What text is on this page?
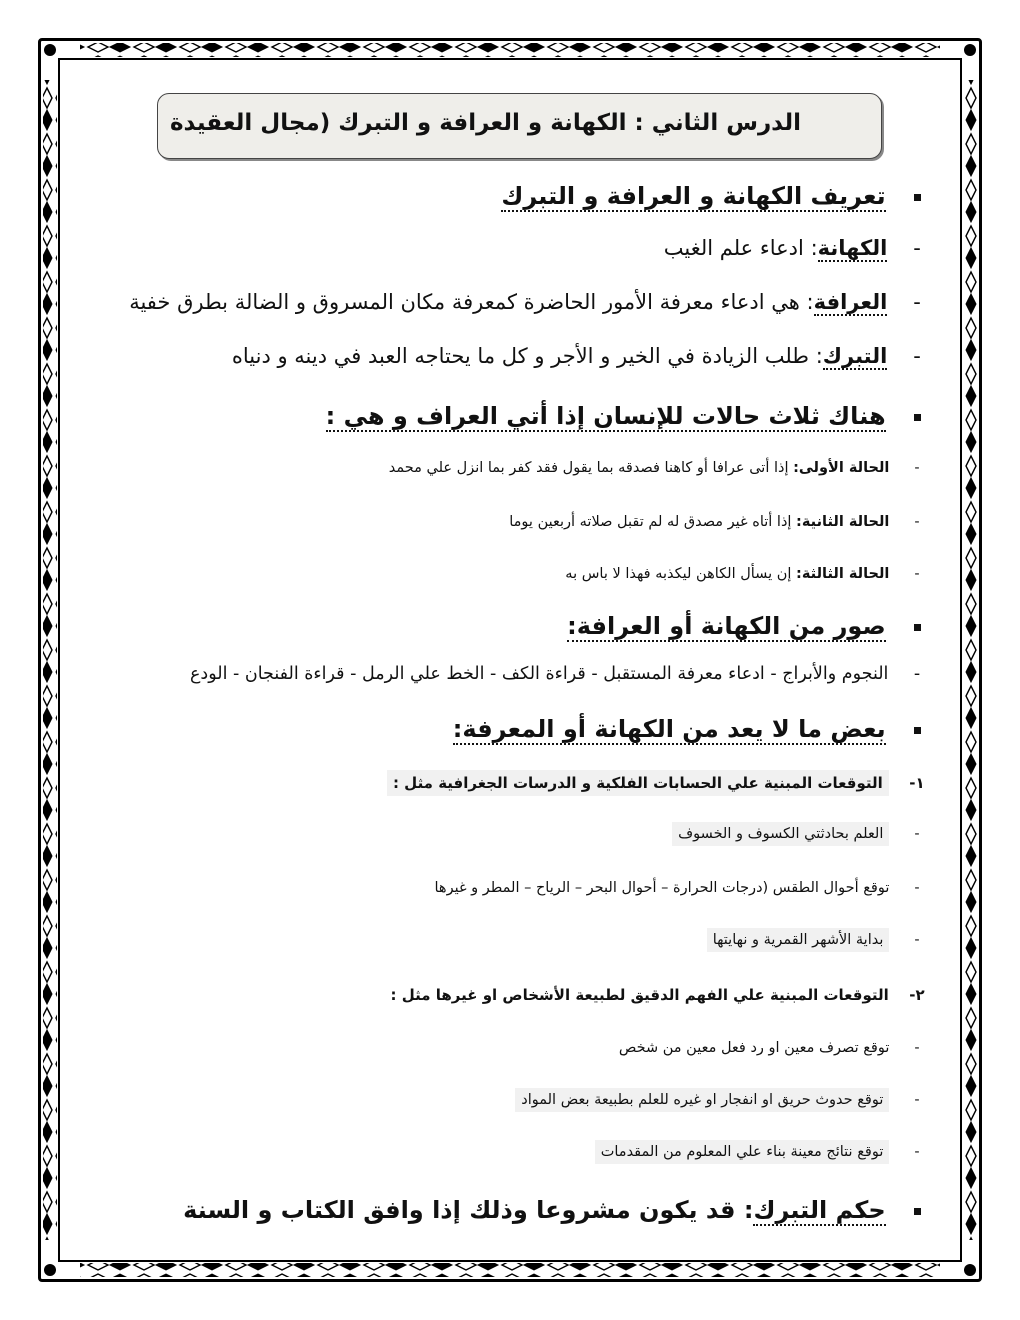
الدرس الثاني : الكهانة و العرافة و التبرك (مجال العقيدة
تعريف الكهانة و العرافة و التبرك
- الكهانة: ادعاء علم الغيب
- العرافة: هي ادعاء معرفة الأمور الحاضرة كمعرفة مكان المسروق و الضالة بطرق خفية
- التبرك: طلب الزيادة في الخير و الأجر و كل ما يحتاجه العبد في دينه و دنياه
هناك ثلاث حالات للإنسان إذا أتي العراف و هي :
- الحالة الأولى: إذا أتى عرافا أو كاهنا فصدقه بما يقول فقد كفر بما انزل علي محمد
- الحالة الثانية: إذا أتاه غير مصدق له لم تقبل صلاته أربعين يوما
- الحالة الثالثة: إن يسأل الكاهن ليكذبه فهذا لا باس به
صور من الكهانة أو العرافة:
- النجوم والأبراج - ادعاء معرفة المستقبل - قراءة الكف - الخط علي الرمل - قراءة الفنجان - الودع
بعض ما لا يعد من الكهانة أو المعرفة:
١- التوقعات المبنية علي الحسابات الفلكية و الدرسات الجغرافية مثل :
- العلم بحادثتي الكسوف و الخسوف
- توقع أحوال الطقس (درجات الحرارة – أحوال البحر – الرياح – المطر و غيرها
- بداية الأشهر القمرية و نهايتها
٢- التوقعات المبنية علي الفهم الدقيق لطبيعة الأشخاص او غيرها مثل :
- توقع تصرف معين او رد فعل معين من شخص
- توقع حدوث حريق او انفجار او غيره للعلم بطبيعة بعض المواد
- توقع نتائج معينة بناء علي المعلوم من المقدمات
حكم التبرك: قد يكون مشروعا وذلك إذا وافق الكتاب و السنة
